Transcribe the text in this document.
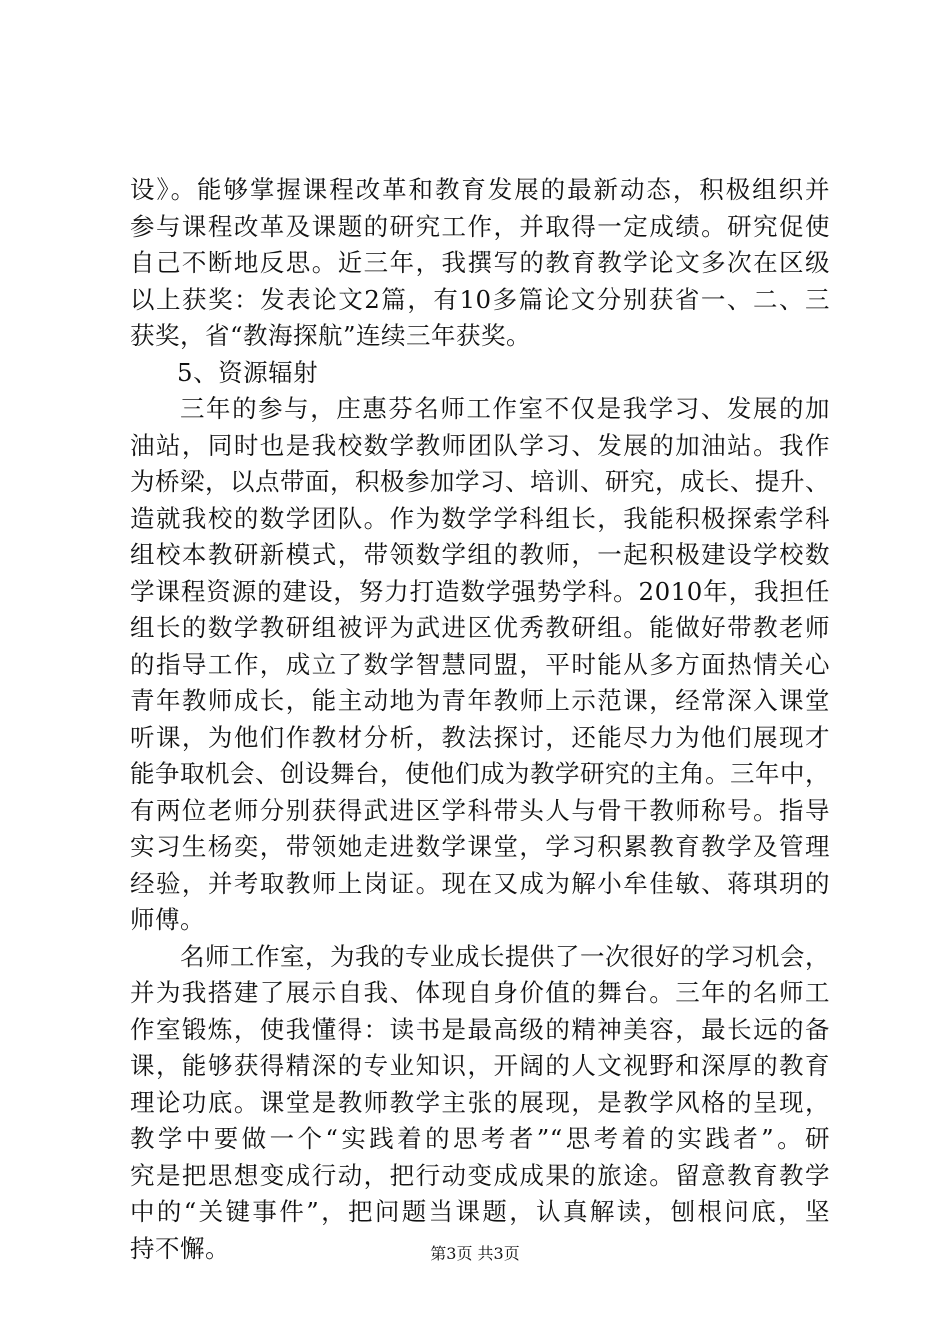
设》。能够掌握课程改革和教育发展的最新动态，积极组织并
参与课程改革及课题的研究工作，并取得一定成绩。研究促使
自己不断地反思。近三年，我撰写的教育教学论文多次在区级
以上获奖：发表论文2篇，有10多篇论文分别获省一、二、三
获奖，省“教海探航”连续三年获奖。
5、资源辐射
三年的参与，庄惠芬名师工作室不仅是我学习、发展的加
油站，同时也是我校数学教师团队学习、发展的加油站。我作
为桥梁，以点带面，积极参加学习、培训、研究，成长、提升、
造就我校的数学团队。作为数学学科组长，我能积极探索学科
组校本教研新模式，带领数学组的教师，一起积极建设学校数
学课程资源的建设，努力打造数学强势学科。2010年，我担任
组长的数学教研组被评为武进区优秀教研组。能做好带教老师
的指导工作，成立了数学智慧同盟，平时能从多方面热情关心
青年教师成长，能主动地为青年教师上示范课，经常深入课堂
听课，为他们作教材分析，教法探讨，还能尽力为他们展现才
能争取机会、创设舞台，使他们成为教学研究的主角。三年中，
有两位老师分别获得武进区学科带头人与骨干教师称号。指导
实习生杨奕，带领她走进数学课堂，学习积累教育教学及管理
经验，并考取教师上岗证。现在又成为解小牟佳敏、蒋琪玥的
师傅。
名师工作室，为我的专业成长提供了一次很好的学习机会，
并为我搭建了展示自我、体现自身价值的舞台。三年的名师工
作室锻炼，使我懂得：读书是最高级的精神美容，最长远的备
课，能够获得精深的专业知识，开阔的人文视野和深厚的教育
理论功底。课堂是教师教学主张的展现，是教学风格的呈现，
教学中要做一个“实践着的思考者”“思考着的实践者”。研
究是把思想变成行动，把行动变成成果的旅途。留意教育教学
中的“关键事件”，把问题当课题，认真解读，刨根问底，坚
持不懈。	第3页 共3页
